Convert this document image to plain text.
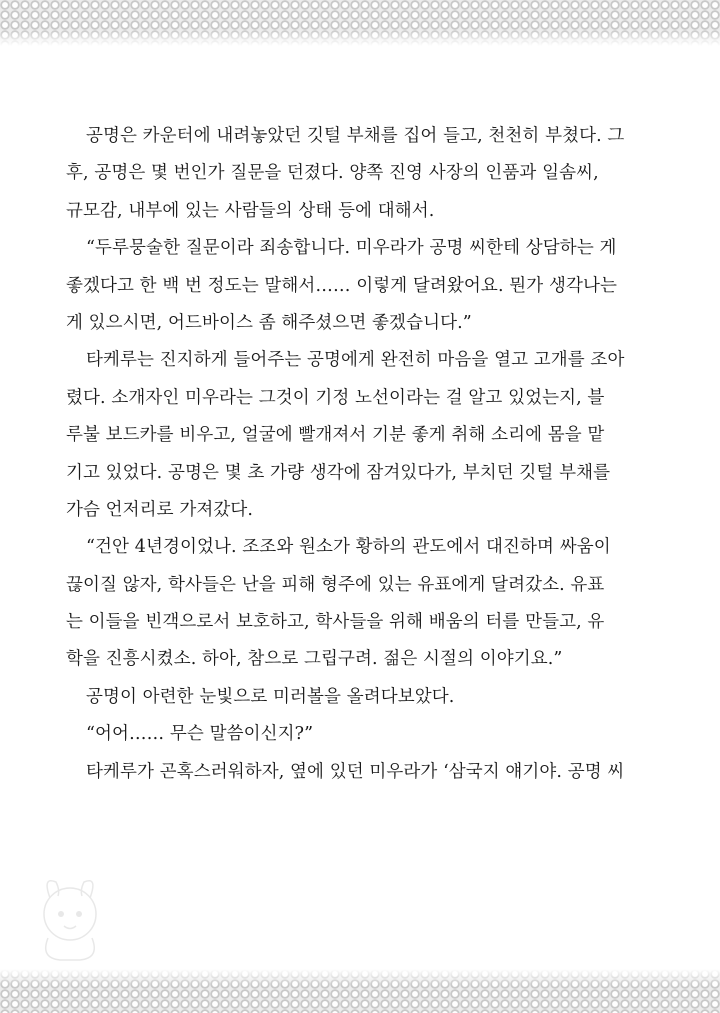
공명은 카운터에 내려놓았던 깃털 부채를 집어 들고, 천천히 부쳤다. 그
후, 공명은 몇 번인가 질문을 던졌다. 양쪽 진영 사장의 인품과 일솜씨,
규모감, 내부에 있는 사람들의 상태 등에 대해서.
“두루뭉술한 질문이라 죄송합니다. 미우라가 공명 씨한테 상담하는 게
좋겠다고 한 백 번 정도는 말해서…… 이렇게 달려왔어요. 뭔가 생각나는
게 있으시면, 어드바이스 좀 해주셨으면 좋겠습니다.”
타케루는 진지하게 들어주는 공명에게 완전히 마음을 열고 고개를 조아
렸다. 소개자인 미우라는 그것이 기정 노선이라는 걸 알고 있었는지, 블
루불 보드카를 비우고, 얼굴에 빨개져서 기분 좋게 취해 소리에 몸을 맡
기고 있었다. 공명은 몇 초 가량 생각에 잠겨있다가, 부치던 깃털 부채를
가슴 언저리로 가져갔다.
“건안 4년경이었나. 조조와 원소가 황하의 관도에서 대진하며 싸움이
끊이질 않자, 학사들은 난을 피해 형주에 있는 유표에게 달려갔소. 유표
는 이들을 빈객으로서 보호하고, 학사들을 위해 배움의 터를 만들고, 유
학을 진흥시켰소. 하아, 참으로 그립구려. 젊은 시절의 이야기요.”
공명이 아련한 눈빛으로 미러볼을 올려다보았다.
“어어…… 무슨 말씀이신지?”
타케루가 곤혹스러워하자, 옆에 있던 미우라가 ‘삼국지 얘기야. 공명 씨
